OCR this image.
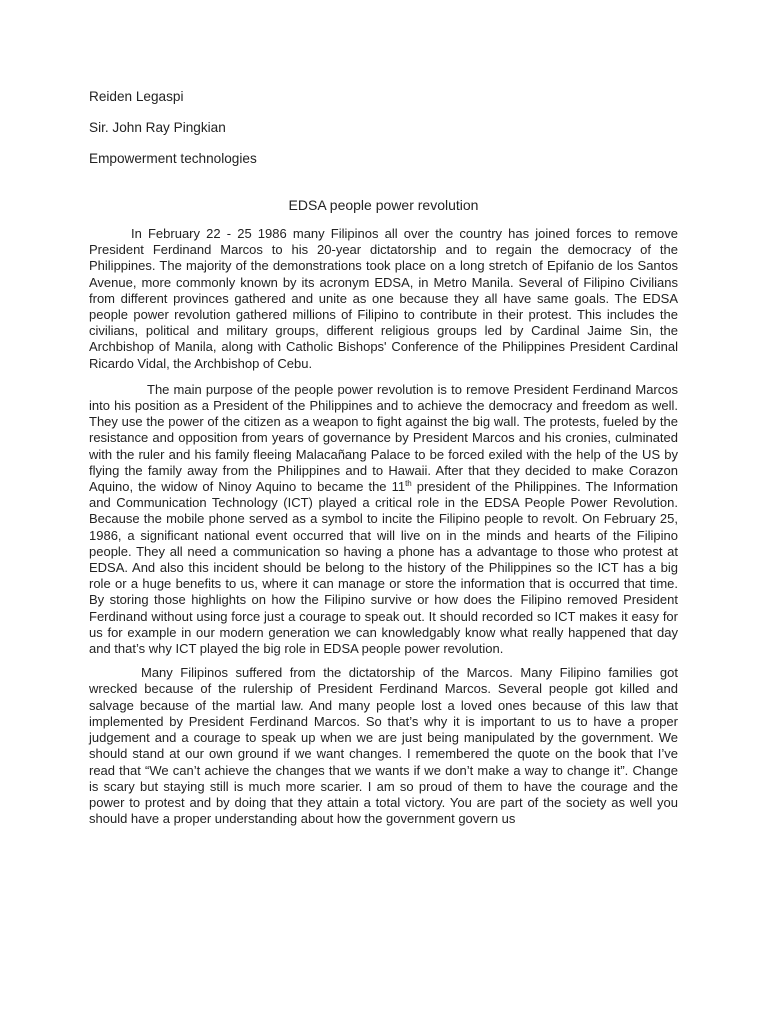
Reiden Legaspi

Sir. John Ray Pingkian

Empowerment technologies

EDSA people power revolution

In February 22 - 25 1986 many Filipinos all over the country has joined forces to remove President Ferdinand Marcos to his 20-year dictatorship and to regain the democracy of the Philippines. The majority of the demonstrations took place on a long stretch of Epifanio de los Santos Avenue, more commonly known by its acronym EDSA, in Metro Manila. Several of Filipino Civilians from different provinces gathered and unite as one because they all have same goals. The EDSA people power revolution gathered millions of Filipino to contribute in their protest. This includes the civilians, political and military groups, different religious groups led by Cardinal Jaime Sin, the Archbishop of Manila, along with Catholic Bishops' Conference of the Philippines President Cardinal Ricardo Vidal, the Archbishop of Cebu.

The main purpose of the people power revolution is to remove President Ferdinand Marcos into his position as a President of the Philippines and to achieve the democracy and freedom as well. They use the power of the citizen as a weapon to fight against the big wall. The protests, fueled by the resistance and opposition from years of governance by President Marcos and his cronies, culminated with the ruler and his family fleeing Malacañang Palace to be forced exiled with the help of the US by flying the family away from the Philippines and to Hawaii. After that they decided to make Corazon Aquino, the widow of Ninoy Aquino to became the 11th president of the Philippines. The Information and Communication Technology (ICT) played a critical role in the EDSA People Power Revolution. Because the mobile phone served as a symbol to incite the Filipino people to revolt. On February 25, 1986, a significant national event occurred that will live on in the minds and hearts of the Filipino people. They all need a communication so having a phone has a advantage to those who protest at EDSA. And also this incident should be belong to the history of the Philippines so the ICT has a big role or a huge benefits to us, where it can manage or store the information that is occurred that time. By storing those highlights on how the Filipino survive or how does the Filipino removed President Ferdinand without using force just a courage to speak out. It should recorded so ICT makes it easy for us for example in our modern generation we can knowledgably know what really happened that day and that’s why ICT played the big role in EDSA people power revolution.

Many Filipinos suffered from the dictatorship of the Marcos. Many Filipino families got wrecked because of the rulership of President Ferdinand Marcos. Several people got killed and salvage because of the martial law. And many people lost a loved ones because of this law that implemented by President Ferdinand Marcos. So that’s why it is important to us to have a proper judgement and a courage to speak up when we are just being manipulated by the government. We should stand at our own ground if we want changes. I remembered the quote on the book that I’ve read that “We can’t achieve the changes that we wants if we don’t make a way to change it”. Change is scary but staying still is much more scarier. I am so proud of them to have the courage and the power to protest and by doing that they attain a total victory. You are part of the society as well you should have a proper understanding about how the government govern us
